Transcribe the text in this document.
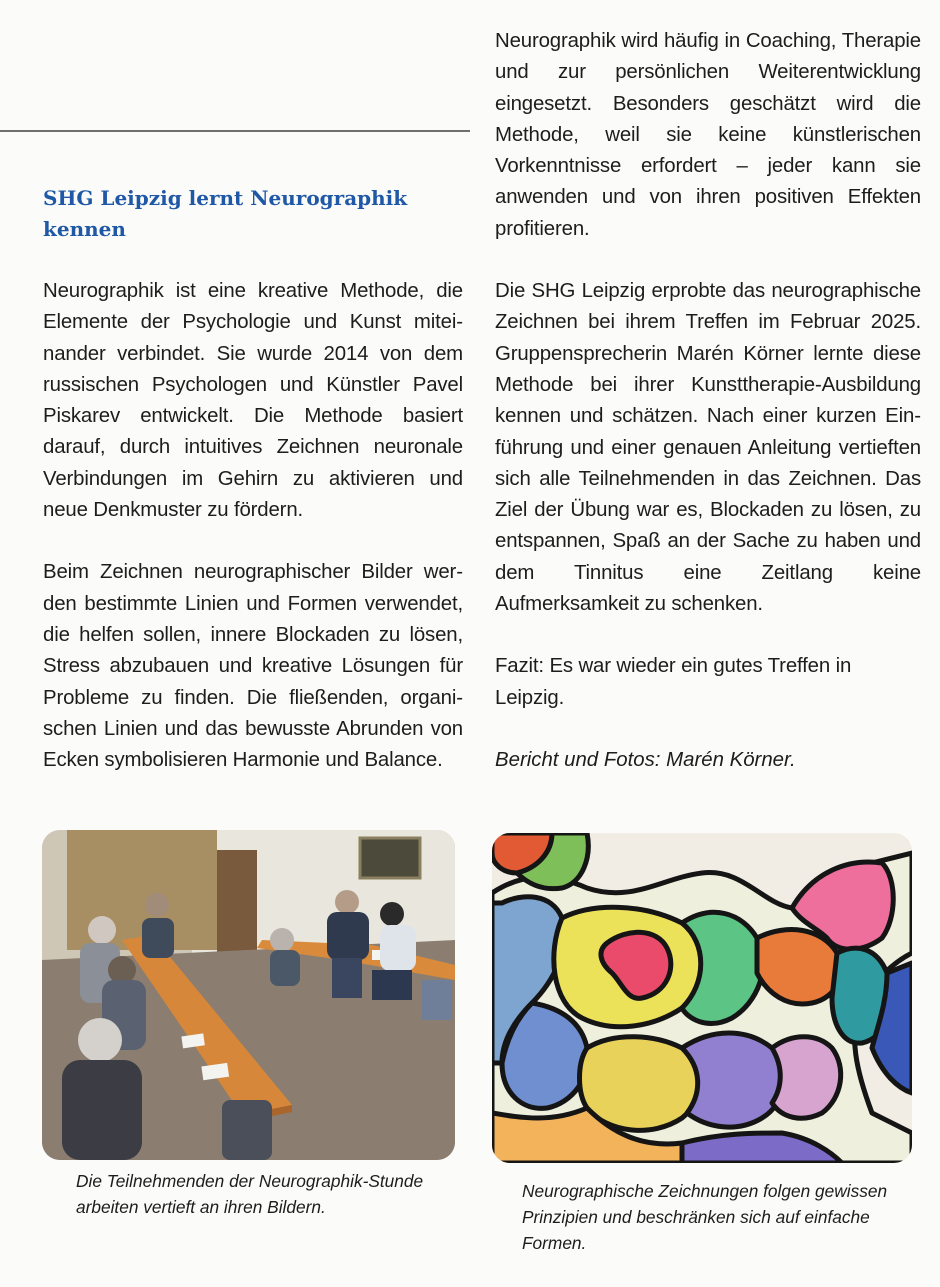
SHG Leipzig lernt Neurographik kennen

Neurographik ist eine kreative Methode, die Elemente der Psychologie und Kunst miteinander verbindet. Sie wurde 2014 von dem russischen Psychologen und Künstler Pavel Piskarev entwickelt. Die Methode basiert darauf, durch intuitives Zeichnen neuronale Verbindungen im Gehirn zu aktivieren und neue Denkmuster zu fördern.

Beim Zeichnen neurographischer Bilder werden bestimmte Linien und Formen verwendet, die helfen sollen, innere Blockaden zu lösen, Stress abzubauen und kreative Lösungen für Probleme zu finden. Die fließenden, organischen Linien und das bewusste Abrunden von Ecken symbolisieren Harmonie und Balance.

Neurographik wird häufig in Coaching, Therapie und zur persönlichen Weiterentwicklung eingesetzt. Besonders geschätzt wird die Methode, weil sie keine künstlerischen Vorkenntnisse erfordert – jeder kann sie anwenden und von ihren positiven Effekten profitieren.

Die SHG Leipzig erprobte das neurographische Zeichnen bei ihrem Treffen im Februar 2025. Gruppensprecherin Marén Körner lernte diese Methode bei ihrer Kunsttherapie-Ausbildung kennen und schätzen. Nach einer kurzen Einführung und einer genauen Anleitung vertieften sich alle Teilnehmenden in das Zeichnen. Das Ziel der Übung war es, Blockaden zu lösen, zu entspannen, Spaß an der Sache zu haben und dem Tinnitus eine Zeitlang keine Aufmerksamkeit zu schenken.

Fazit: Es war wieder ein gutes Treffen in Leipzig.

Bericht und Fotos: Marén Körner.

Die Teilnehmenden der Neurographik-Stunde arbeiten vertieft an ihren Bildern.
Neurographische Zeichnungen folgen gewissen Prinzipien und beschränken sich auf einfache Formen.
